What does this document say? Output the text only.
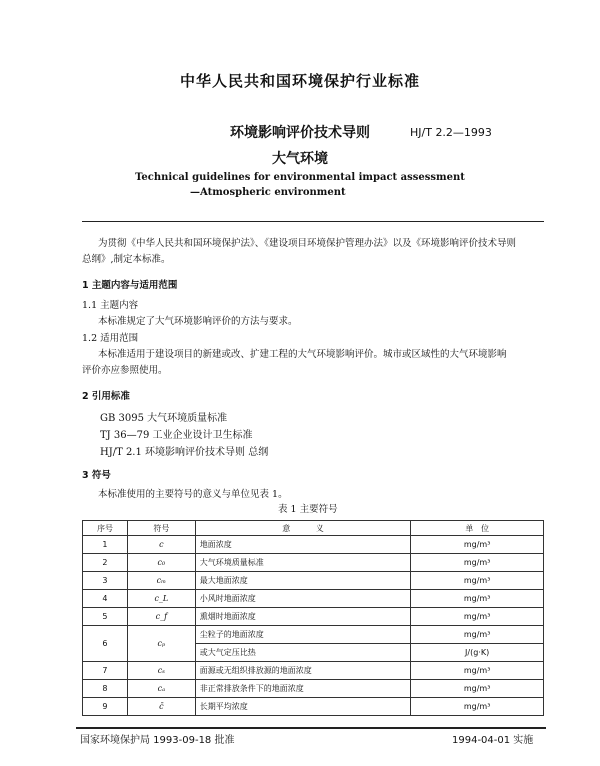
中华人民共和国环境保护行业标准
环境影响评价技术导则
大气环境
HJ/T 2.2—1993
Technical guidelines for environmental impact assessment
—Atmospheric environment
为贯彻《中华人民共和国环境保护法》、《建设项目环境保护管理办法》以及《环境影响评价技术导则
总纲》,制定本标准。
1 主题内容与适用范围
1.1 主题内容
本标准规定了大气环境影响评价的方法与要求。
1.2 适用范围
本标准适用于建设项目的新建或改、扩建工程的大气环境影响评价。城市或区域性的大气环境影响
评价亦应参照使用。
2 引用标准
GB 3095 大气环境质量标准
TJ 36—79 工业企业设计卫生标准
HJ/T 2.1 环境影响评价技术导则 总纲
3 符号
本标准使用的主要符号的意义与单位见表 1。
表 1 主要符号
序号	符号	意          义	单   位
1	c	地面浓度	mg/m³
2	c₀	大气环境质量标准	mg/m³
3	cₘ	最大地面浓度	mg/m³
4	c_L	小风时地面浓度	mg/m³
5	c_f	熏烟时地面浓度	mg/m³
6	cₚ	尘粒子的地面浓度	mg/m³
		或大气定压比热	J/(g·K)
7	cₛ	面源或无组织排放源的地面浓度	mg/m³
8	cₐ	非正常排放条件下的地面浓度	mg/m³
9	c̄	长期平均浓度	mg/m³
国家环境保护局 1993-09-18 批准	1994-04-01 实施
